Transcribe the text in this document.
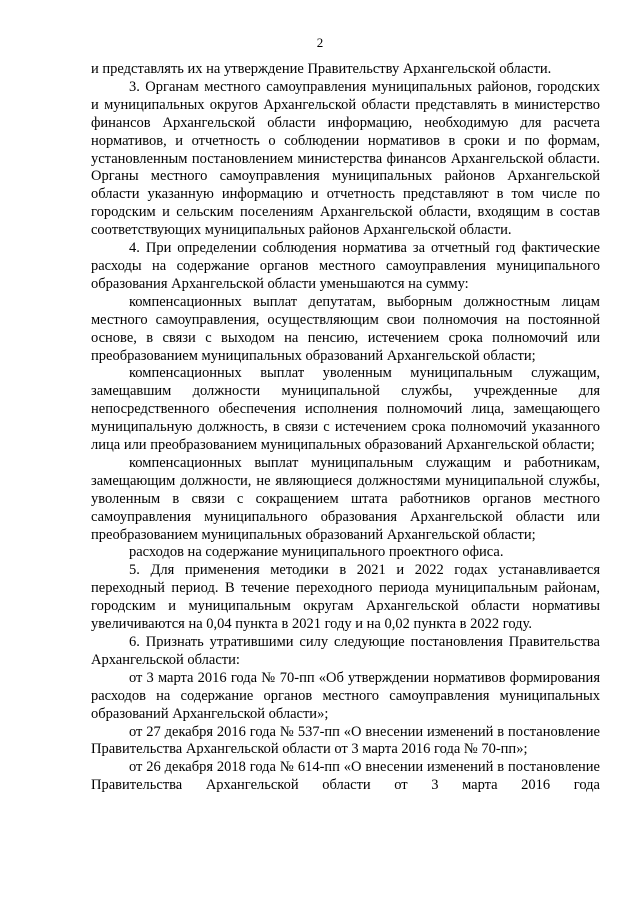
2

и представлять их на утверждение Правительству Архангельской области.

3. Органам местного самоуправления муниципальных районов, городских и муниципальных округов Архангельской области представлять в министерство финансов Архангельской области информацию, необходимую для расчета нормативов, и отчетность о соблюдении нормативов в сроки и по формам, установленным постановлением министерства финансов Архангельской области. Органы местного самоуправления муниципальных районов Архангельской области указанную информацию и отчетность представляют в том числе по городским и сельским поселениям Архангельской области, входящим в состав соответствующих муниципальных районов Архангельской области.

4. При определении соблюдения норматива за отчетный год фактические расходы на содержание органов местного самоуправления муниципального образования Архангельской области уменьшаются на сумму:

компенсационных выплат депутатам, выборным должностным лицам местного самоуправления, осуществляющим свои полномочия на постоянной основе, в связи с выходом на пенсию, истечением срока полномочий или преобразованием муниципальных образований Архангельской области;

компенсационных выплат уволенным муниципальным служащим, замещавшим должности муниципальной службы, учрежденные для непосредственного обеспечения исполнения полномочий лица, замещающего муниципальную должность, в связи с истечением срока полномочий указанного лица или преобразованием муниципальных образований Архангельской области;

компенсационных выплат муниципальным служащим и работникам, замещающим должности, не являющиеся должностями муниципальной службы, уволенным в связи с сокращением штата работников органов местного самоуправления муниципального образования Архангельской области или преобразованием муниципальных образований Архангельской области;

расходов на содержание муниципального проектного офиса.

5. Для применения методики в 2021 и 2022 годах устанавливается переходный период. В течение переходного периода муниципальным районам, городским и муниципальным округам Архангельской области нормативы увеличиваются на 0,04 пункта в 2021 году и на 0,02 пункта в 2022 году.

6. Признать утратившими силу следующие постановления Правительства Архангельской области:

от 3 марта 2016 года № 70-пп «Об утверждении нормативов формирования расходов на содержание органов местного самоуправления муниципальных образований Архангельской области»;

от 27 декабря 2016 года № 537-пп «О внесении изменений в постановление Правительства Архангельской области от 3 марта 2016 года № 70-пп»;

от 26 декабря 2018 года № 614-пп «О внесении изменений в постановление Правительства Архангельской области от 3 марта 2016 года
